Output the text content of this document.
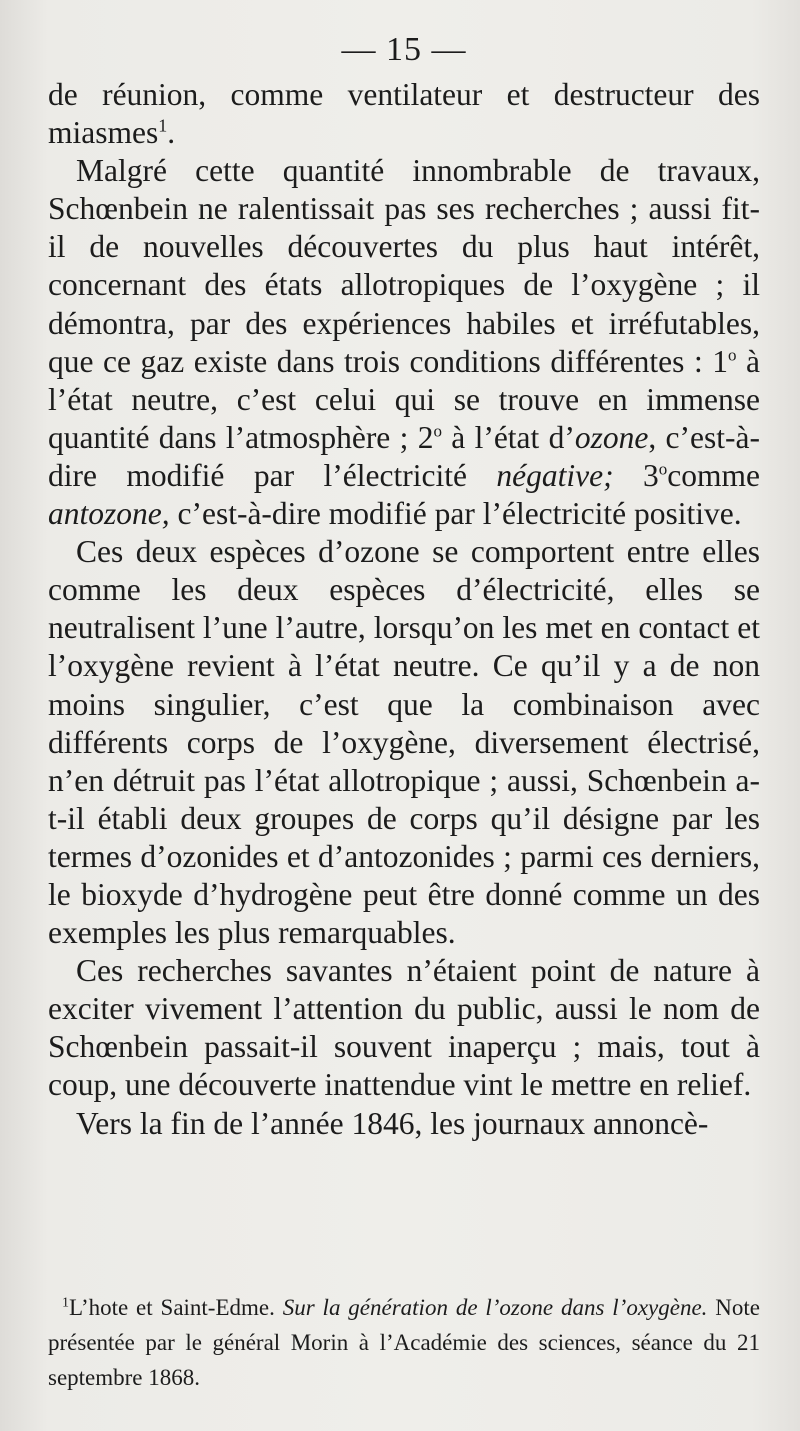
— 15 —

de réunion, comme ventilateur et destructeur des miasmes$^1$.

Malgré cette quantité innombrable de travaux, Schœnbein ne ralentissait pas ses recherches ; aussi fit-il de nouvelles découvertes du plus haut intérêt, concernant des états allotropiques de l’oxygène ; il démontra, par des expériences habiles et irréfutables, que ce gaz existe dans trois conditions différentes : 1$^o$ à l’état neutre, c’est celui qui se trouve en immense quantité dans l’atmosphère ; 2$^o$ à l’état d’ozone, c’est-à-dire modifié par l’électricité négative; 3$^o$comme antozone, c’est-à-dire modifié par l’électricité positive.

Ces deux espèces d’ozone se comportent entre elles comme les deux espèces d’électricité, elles se neutralisent l’une l’autre, lorsqu’on les met en contact et l’oxygène revient à l’état neutre. Ce qu’il y a de non moins singulier, c’est que la combinaison avec différents corps de l’oxygène, diversement électrisé, n’en détruit pas l’état allotropique ; aussi, Schœnbein a-t-il établi deux groupes de corps qu’il désigne par les termes d’ozonides et d’antozonides ; parmi ces derniers, le bioxyde d’hydrogène peut être donné comme un des exemples les plus remarquables.

Ces recherches savantes n’étaient point de nature à exciter vivement l’attention du public, aussi le nom de Schœnbein passait-il souvent inaperçu ; mais, tout à coup, une découverte inattendue vint le mettre en relief.

Vers la fin de l’année 1846, les journaux annoncè-

$^1$L’hote et Saint-Edme. Sur la génération de l’ozone dans l’oxygène. Note présentée par le général Morin à l’Académie des sciences, séance du 21 septembre 1868.
